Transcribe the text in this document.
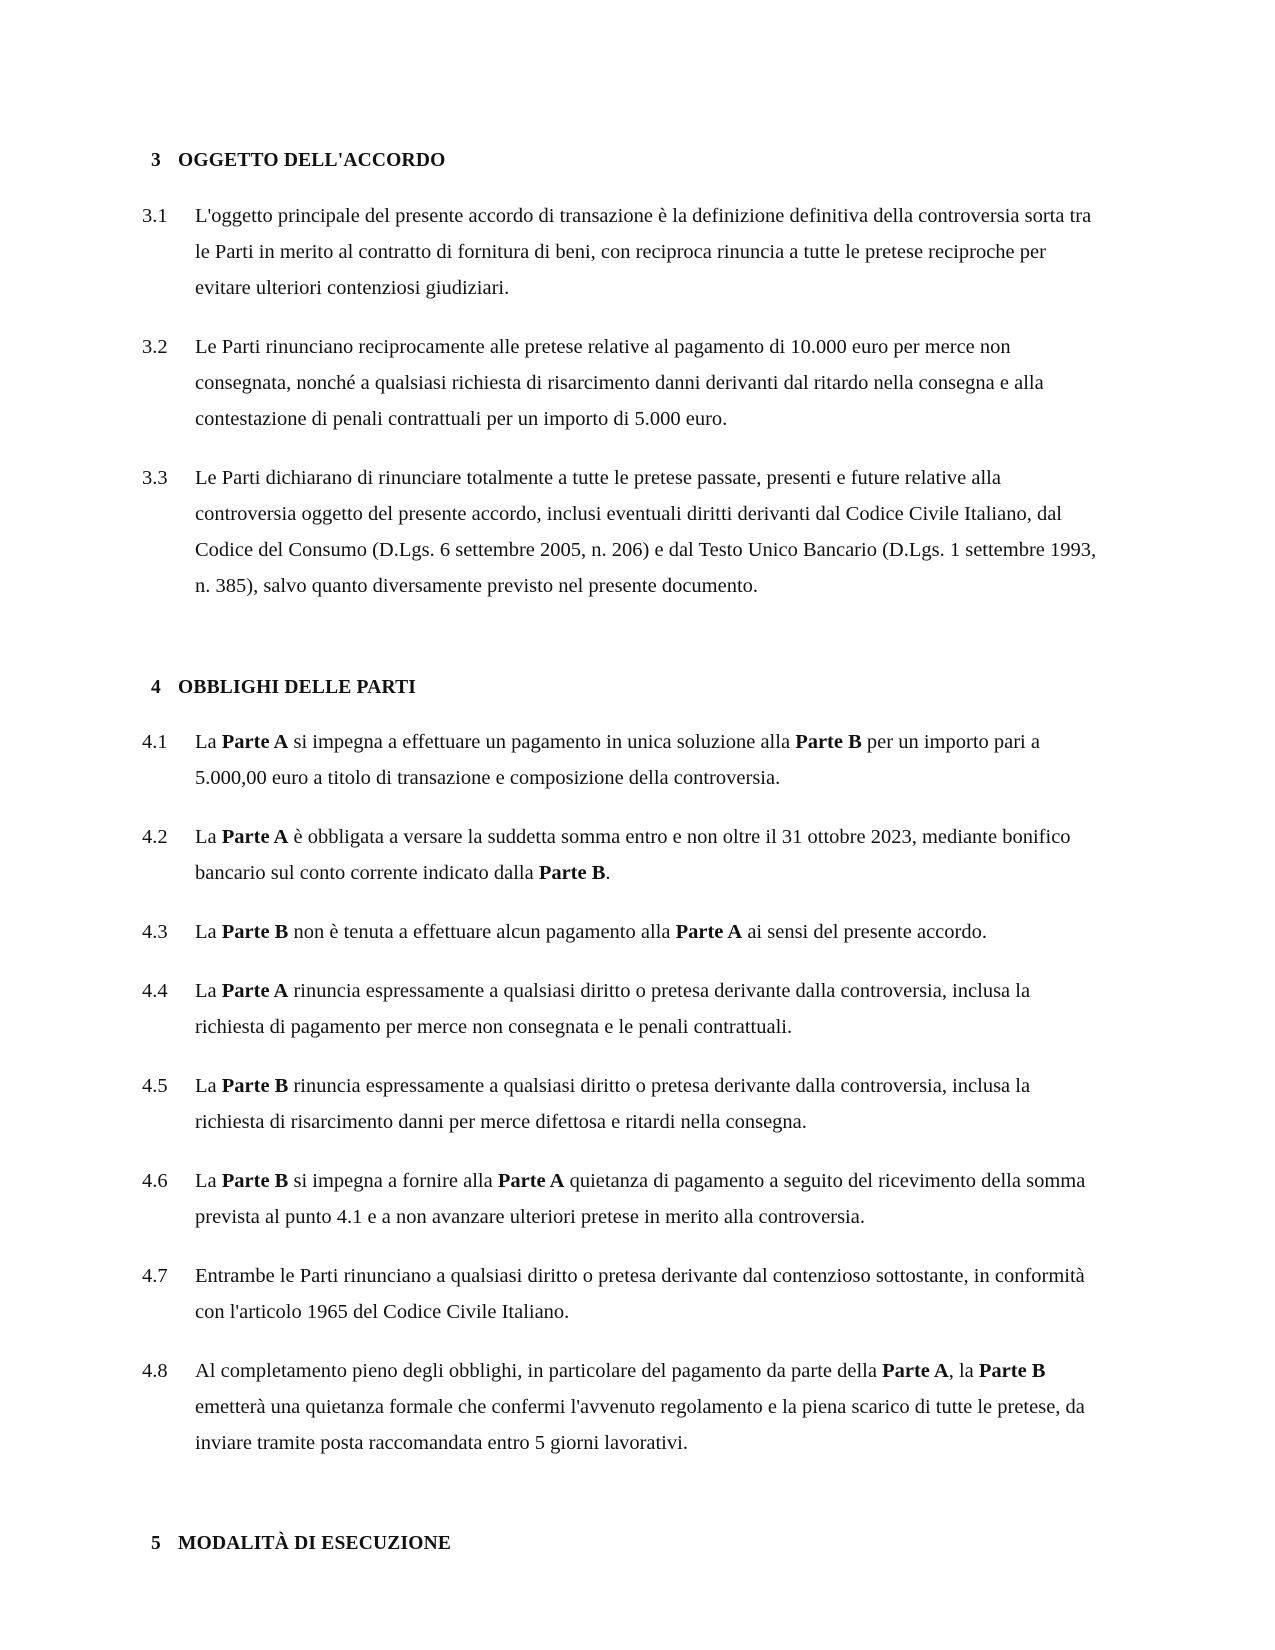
3 OGGETTO DELL'ACCORDO
3.1	L'oggetto principale del presente accordo di transazione è la definizione definitiva della controversia sorta tra le Parti in merito al contratto di fornitura di beni, con reciproca rinuncia a tutte le pretese reciproche per evitare ulteriori contenziosi giudiziari.
3.2	Le Parti rinunciano reciprocamente alle pretese relative al pagamento di 10.000 euro per merce non consegnata, nonché a qualsiasi richiesta di risarcimento danni derivanti dal ritardo nella consegna e alla contestazione di penali contrattuali per un importo di 5.000 euro.
3.3	Le Parti dichiarano di rinunciare totalmente a tutte le pretese passate, presenti e future relative alla controversia oggetto del presente accordo, inclusi eventuali diritti derivanti dal Codice Civile Italiano, dal Codice del Consumo (D.Lgs. 6 settembre 2005, n. 206) e dal Testo Unico Bancario (D.Lgs. 1 settembre 1993, n. 385), salvo quanto diversamente previsto nel presente documento.
4 OBBLIGHI DELLE PARTI
4.1	La Parte A si impegna a effettuare un pagamento in unica soluzione alla Parte B per un importo pari a 5.000,00 euro a titolo di transazione e composizione della controversia.
4.2	La Parte A è obbligata a versare la suddetta somma entro e non oltre il 31 ottobre 2023, mediante bonifico bancario sul conto corrente indicato dalla Parte B.
4.3	La Parte B non è tenuta a effettuare alcun pagamento alla Parte A ai sensi del presente accordo.
4.4	La Parte A rinuncia espressamente a qualsiasi diritto o pretesa derivante dalla controversia, inclusa la richiesta di pagamento per merce non consegnata e le penali contrattuali.
4.5	La Parte B rinuncia espressamente a qualsiasi diritto o pretesa derivante dalla controversia, inclusa la richiesta di risarcimento danni per merce difettosa e ritardi nella consegna.
4.6	La Parte B si impegna a fornire alla Parte A quietanza di pagamento a seguito del ricevimento della somma prevista al punto 4.1 e a non avanzare ulteriori pretese in merito alla controversia.
4.7	Entrambe le Parti rinunciano a qualsiasi diritto o pretesa derivante dal contenzioso sottostante, in conformità con l'articolo 1965 del Codice Civile Italiano.
4.8	Al completamento pieno degli obblighi, in particolare del pagamento da parte della Parte A, la Parte B emetterà una quietanza formale che confermi l'avvenuto regolamento e la piena scarico di tutte le pretese, da inviare tramite posta raccomandata entro 5 giorni lavorativi.
5 MODALITÀ DI ESECUZIONE
